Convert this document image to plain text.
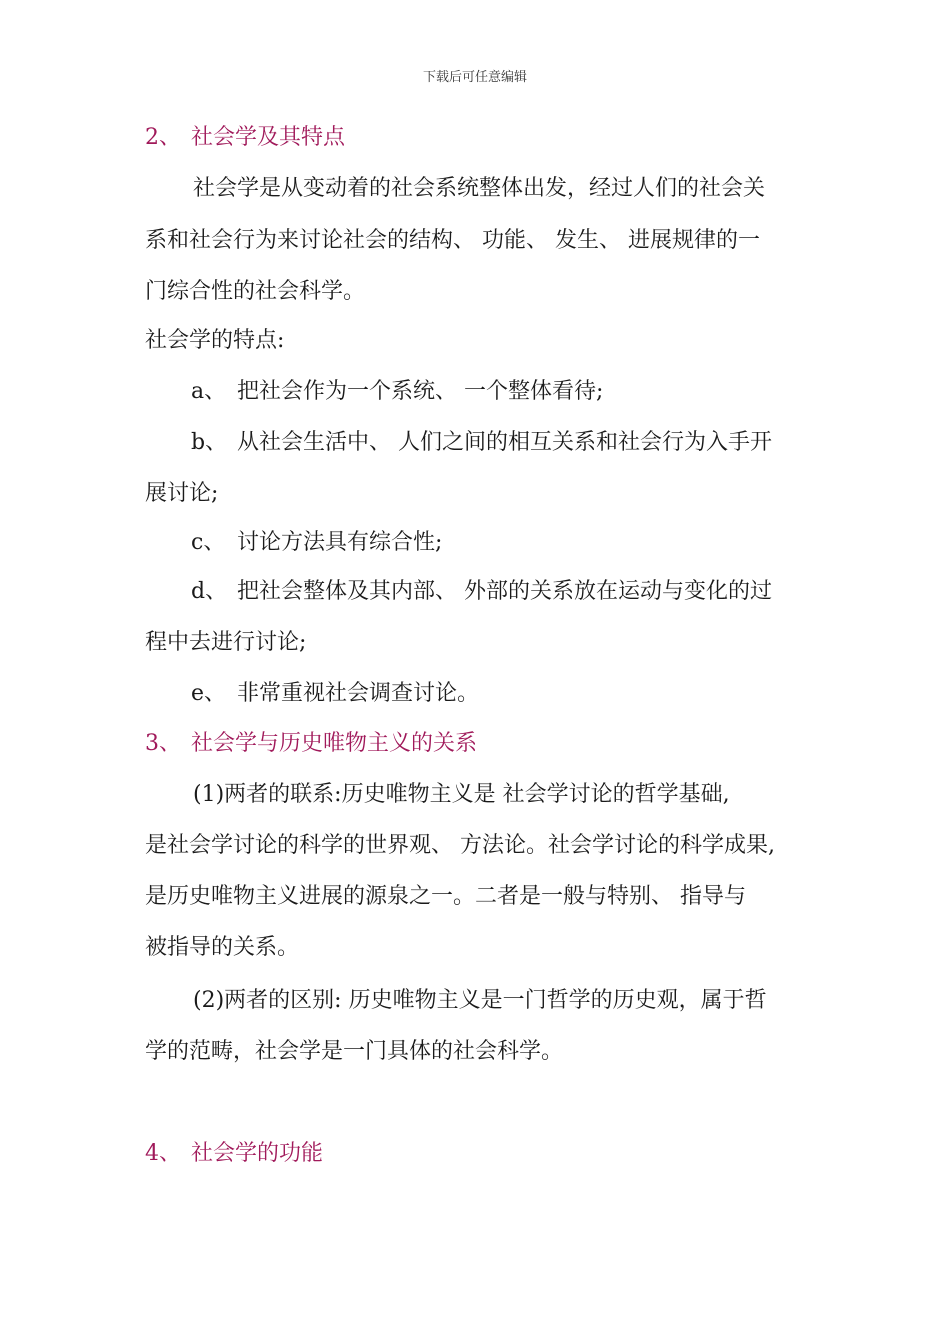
下载后可任意编辑
2、 社会学及其特点
社会学是从变动着的社会系统整体出发，经过人们的社会关
系和社会行为来讨论社会的结构、 功能、 发生、 进展规律的一
门综合性的社会科学。
社会学的特点:
a、 把社会作为一个系统、 一个整体看待;
b、 从社会生活中、 人们之间的相互关系和社会行为入手开
展讨论;
c、 讨论方法具有综合性;
d、 把社会整体及其内部、 外部的关系放在运动与变化的过
程中去进行讨论;
e、 非常重视社会调查讨论。
3、 社会学与历史唯物主义的关系
(1)两者的联系:历史唯物主义是 社会学讨论的哲学基础,
是社会学讨论的科学的世界观、 方法论。社会学讨论的科学成果,
是历史唯物主义进展的源泉之一。二者是一般与特别、 指导与
被指导的关系。
(2)两者的区别: 历史唯物主义是一门哲学的历史观，属于哲
学的范畴，社会学是一门具体的社会科学。
4、 社会学的功能
